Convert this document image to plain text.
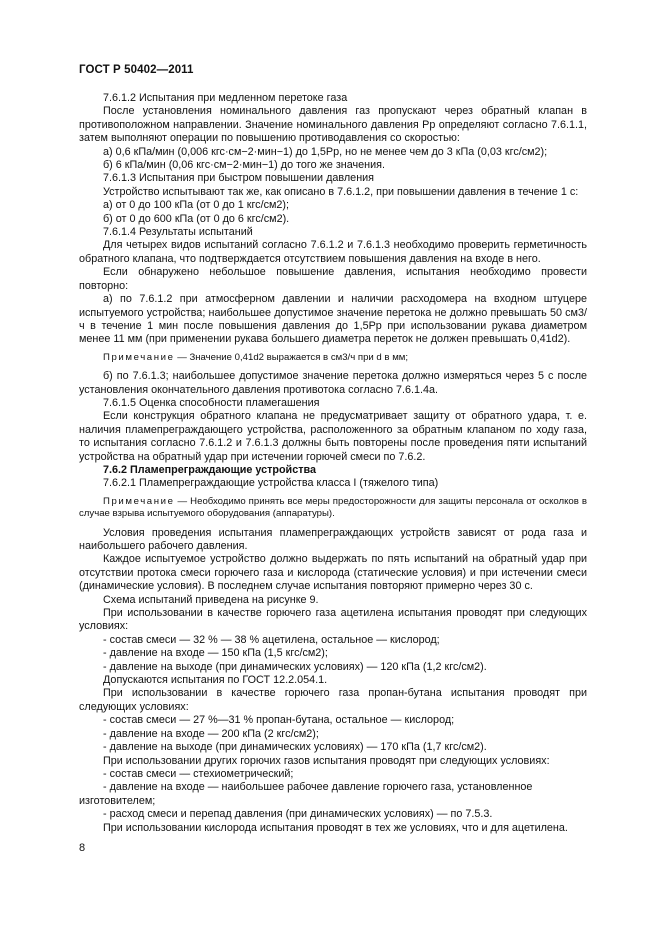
ГОСТ Р 50402—2011

7.6.1.2 Испытания при медленном перетоке газа

После установления номинального давления газ пропускают через обратный клапан в противоположном направлении. Значение номинального давления Pp определяют согласно 7.6.1.1, затем выполняют операции по повышению противодавления со скоростью:

а) 0,6 кПа/мин (0,006 кгс·см−2·мин−1) до 1,5Pp, но не менее чем до 3 кПа (0,03 кгс/см2);

б) 6 кПа/мин (0,06 кгс·см−2·мин−1) до того же значения.

7.6.1.3 Испытания при быстром повышении давления

Устройство испытывают так же, как описано в 7.6.1.2, при повышении давления в течение 1 с:

а) от 0 до 100 кПа (от 0 до 1 кгс/см2);

б) от 0 до 600 кПа (от 0 до 6 кгс/см2).

7.6.1.4 Результаты испытаний

Для четырех видов испытаний согласно 7.6.1.2 и 7.6.1.3 необходимо проверить герметичность обратного клапана, что подтверждается отсутствием повышения давления на входе в него.

Если обнаружено небольшое повышение давления, испытания необходимо провести повторно:

а) по 7.6.1.2 при атмосферном давлении и наличии расходомера на входном штуцере испытуемого устройства; наибольшее допустимое значение перетока не должно превышать 50 см3/ч в течение 1 мин после повышения давления до 1,5Pp при использовании рукава диаметром менее 11 мм (при применении рукава большего диаметра переток не должен превышать 0,41d2).

Примечание — Значение 0,41d2 выражается в см3/ч при d в мм;

б) по 7.6.1.3; наибольшее допустимое значение перетока должно измеряться через 5 с после установления окончательного давления противотока согласно 7.6.1.4а.

7.6.1.5 Оценка способности пламегашения

Если конструкция обратного клапана не предусматривает защиту от обратного удара, т. е. наличия пламепреграждающего устройства, расположенного за обратным клапаном по ходу газа, то испытания согласно 7.6.1.2 и 7.6.1.3 должны быть повторены после проведения пяти испытаний устройства на обратный удар при истечении горючей смеси по 7.6.2.

7.6.2 Пламепреграждающие устройства

7.6.2.1 Пламепреграждающие устройства класса I (тяжелого типа)

Примечание — Необходимо принять все меры предосторожности для защиты персонала от осколков в случае взрыва испытуемого оборудования (аппаратуры).

Условия проведения испытания пламепреграждающих устройств зависят от рода газа и наибольшего рабочего давления.

Каждое испытуемое устройство должно выдержать по пять испытаний на обратный удар при отсутствии протока смеси горючего газа и кислорода (статические условия) и при истечении смеси (динамические условия). В последнем случае испытания повторяют примерно через 30 с.

Схема испытаний приведена на рисунке 9.

При использовании в качестве горючего газа ацетилена испытания проводят при следующих условиях:

- состав смеси — 32 % — 38 % ацетилена, остальное — кислород;

- давление на входе — 150 кПа (1,5 кгс/см2);

- давление на выходе (при динамических условиях) — 120 кПа (1,2 кгс/см2).

Допускаются испытания по ГОСТ 12.2.054.1.

При использовании в качестве горючего газа пропан-бутана испытания проводят при следующих условиях:

- состав смеси — 27 %—31 % пропан-бутана, остальное — кислород;

- давление на входе — 200 кПа (2 кгс/см2);

- давление на выходе (при динамических условиях) — 170 кПа (1,7 кгс/см2).

При использовании других горючих газов испытания проводят при следующих условиях:

- состав смеси — стехиометрический;

- давление на входе — наибольшее рабочее давление горючего газа, установленное изготовителем;

- расход смеси и перепад давления (при динамических условиях) — по 7.5.3.

При использовании кислорода испытания проводят в тех же условиях, что и для ацетилена.

8
